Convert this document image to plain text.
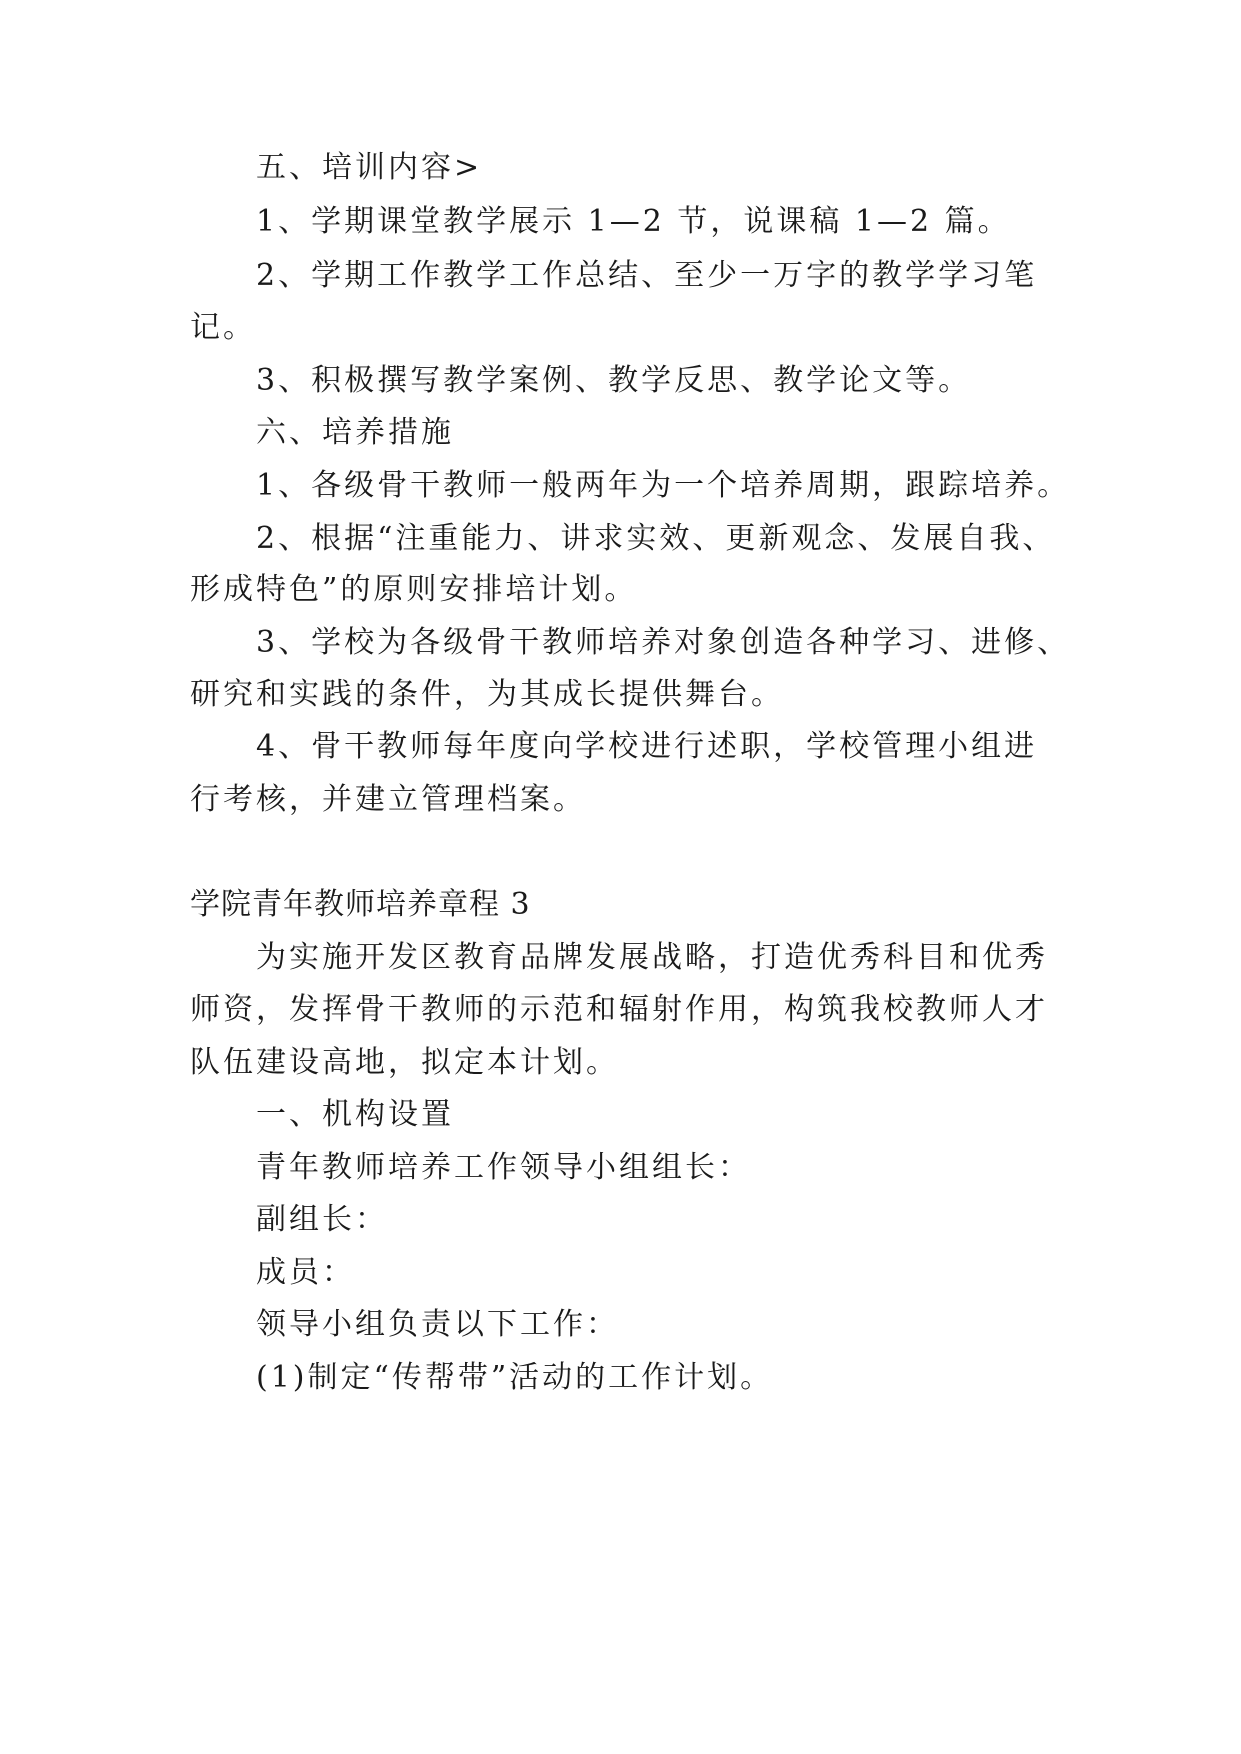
五、培训内容>
1、学期课堂教学展示 1—2 节，说课稿 1—2 篇。
2、学期工作教学工作总结、至少一万字的教学学习笔
记。
3、积极撰写教学案例、教学反思、教学论文等。
六、培养措施
1、各级骨干教师一般两年为一个培养周期，跟踪培养。
2、根据“注重能力、讲求实效、更新观念、发展自我、
形成特色”的原则安排培计划。
3、学校为各级骨干教师培养对象创造各种学习、进修、
研究和实践的条件，为其成长提供舞台。
4、骨干教师每年度向学校进行述职，学校管理小组进
行考核，并建立管理档案。
学院青年教师培养章程 3
为实施开发区教育品牌发展战略，打造优秀科目和优秀
师资，发挥骨干教师的示范和辐射作用，构筑我校教师人才
队伍建设高地，拟定本计划。
一、机构设置
青年教师培养工作领导小组组长：
副组长：
成员：
领导小组负责以下工作：
(1)制定“传帮带”活动的工作计划。
